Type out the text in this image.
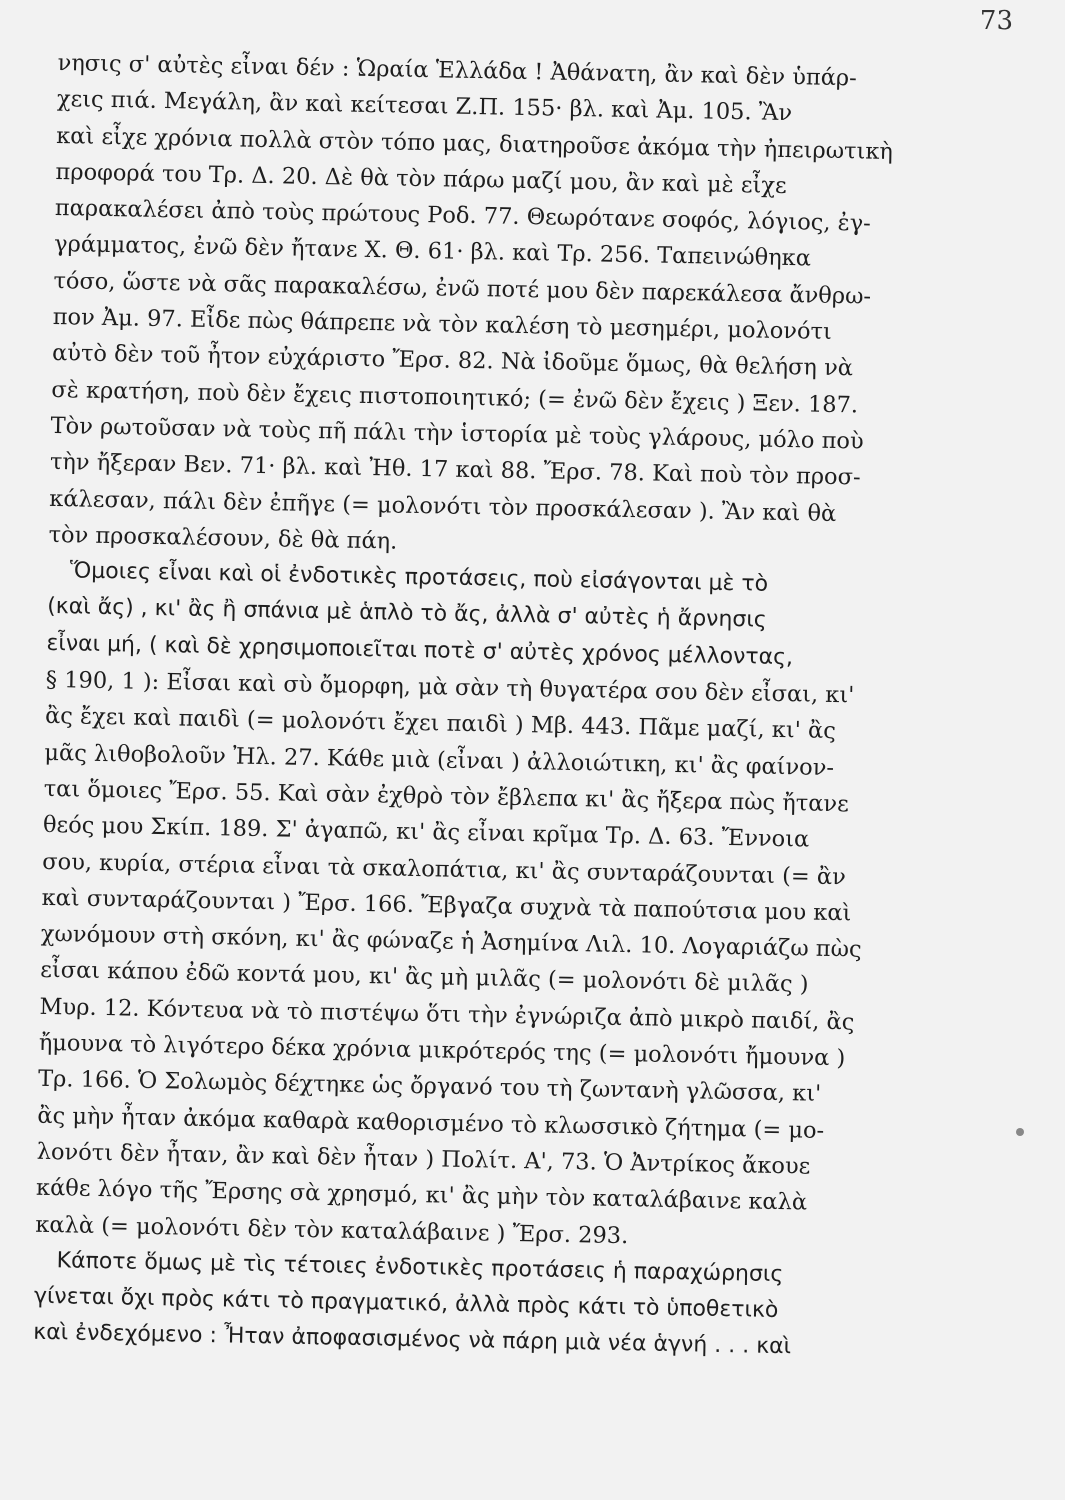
73
νησις σ' αὐτὲς εἶναι δέν : Ὡραία Ἑλλάδα ! Ἀθάνατη, ἂν καὶ δὲν ὑπάρ-
χεις πιά. Μεγάλη, ἂν καὶ κείτεσαι Ζ.Π. 155· βλ. καὶ Ἀμ. 105. Ἂν
καὶ εἶχε χρόνια πολλὰ στὸν τόπο μας, διατηροῦσε ἀκόμα τὴν ἠπειρωτικὴ
προφορά του Τρ. Δ. 20. Δὲ θὰ τὸν πάρω μαζί μου, ἂν καὶ μὲ εἶχε
παρακαλέσει ἀπὸ τοὺς πρώτους Ροδ. 77. Θεωρότανε σοφός, λόγιος, ἐγ-
γράμματος, ἐνῶ δὲν ἤτανε Χ. Θ. 61· βλ. καὶ Τρ. 256. Ταπεινώθηκα
τόσο, ὥστε νὰ σᾶς παρακαλέσω, ἐνῶ ποτέ μου δὲν παρεκάλεσα ἄνθρω-
πον Ἀμ. 97. Εἶδε πὼς θάπρεπε νὰ τὸν καλέση τὸ μεσημέρι, μολονότι
αὐτὸ δὲν τοῦ ἦτον εὐχάριστο Ἔρσ. 82. Νὰ ἰδοῦμε ὅμως, θὰ θελήση νὰ
σὲ κρατήση, ποὺ δὲν ἔχεις πιστοποιητικό; (= ἐνῶ δὲν ἔχεις ) Ξεν. 187.
Τὸν ρωτοῦσαν νὰ τοὺς πῆ πάλι τὴν ἱστορία μὲ τοὺς γλάρους, μόλο ποὺ
τὴν ἤξεραν Βεν. 71· βλ. καὶ Ἠθ. 17 καὶ 88. Ἔρσ. 78. Καὶ ποὺ τὸν προσ-
κάλεσαν, πάλι δὲν ἐπῆγε (= μολονότι τὸν προσκάλεσαν ). Ἂν καὶ θὰ
τὸν προσκαλέσουν, δὲ θὰ πάη.
Ὅμοιες εἶναι καὶ οἱ ἐνδοτικὲς προτάσεις, ποὺ εἰσάγονται μὲ τὸ
(καὶ ἄς) , κι' ἂς ἢ σπάνια μὲ ἁπλὸ τὸ ἄς, ἀλλὰ σ' αὐτὲς ἡ ἄρνησις
εἶναι μή, ( καὶ δὲ χρησιμοποιεῖται ποτὲ σ' αὐτὲς χρόνος μέλλοντας,
§ 190, 1 ): Εἶσαι καὶ σὺ ὄμορφη, μὰ σὰν τὴ θυγατέρα σου δὲν εἶσαι, κι'
ἂς ἔχει καὶ παιδὶ (= μολονότι ἔχει παιδὶ ) Μβ. 443. Πᾶμε μαζί, κι' ἂς
μᾶς λιθοβολοῦν Ἠλ. 27. Κάθε μιὰ (εἶναι ) ἀλλοιώτικη, κι' ἂς φαίνον-
ται ὅμοιες Ἔρσ. 55. Καὶ σὰν ἐχθρὸ τὸν ἔβλεπα κι' ἂς ἤξερα πὼς ἤτανε
θεός μου Σκίπ. 189. Σ' ἀγαπῶ, κι' ἂς εἶναι κρῖμα Τρ. Δ. 63. Ἔννοια
σου, κυρία, στέρια εἶναι τὰ σκαλοπάτια, κι' ἂς συνταράζουνται (= ἂν
καὶ συνταράζουνται ) Ἔρσ. 166. Ἔβγαζα συχνὰ τὰ παπούτσια μου καὶ
χωνόμουν στὴ σκόνη, κι' ἂς φώναζε ἡ Ἀσημίνα Λιλ. 10. Λογαριάζω πὼς
εἶσαι κάπου ἐδῶ κοντά μου, κι' ἂς μὴ μιλᾶς (= μολονότι δὲ μιλᾶς )
Μυρ. 12. Κόντευα νὰ τὸ πιστέψω ὅτι τὴν ἐγνώριζα ἀπὸ μικρὸ παιδί, ἂς
ἤμουνα τὸ λιγότερο δέκα χρόνια μικρότερός της (= μολονότι ἤμουνα )
Τρ. 166. Ὁ Σολωμὸς δέχτηκε ὡς ὄργανό του τὴ ζωντανὴ γλῶσσα, κι'
ἂς μὴν ἦταν ἀκόμα καθαρὰ καθορισμένο τὸ κλωσσικὸ ζήτημα (= μο-
λονότι δὲν ἦταν, ἂν καὶ δὲν ἦταν ) Πολίτ. Α', 73. Ὁ Ἀντρίκος ἄκουε
κάθε λόγο τῆς Ἔρσης σὰ χρησμό, κι' ἂς μὴν τὸν καταλάβαινε καλὰ
καλὰ (= μολονότι δὲν τὸν καταλάβαινε ) Ἔρσ. 293.
Κάποτε ὅμως μὲ τὶς τέτοιες ἐνδοτικὲς προτάσεις ἡ παραχώρησις
γίνεται ὄχι πρὸς κάτι τὸ πραγματικό, ἀλλὰ πρὸς κάτι τὸ ὑποθετικὸ
καὶ ἐνδεχόμενο : Ἦταν ἀποφασισμένος νὰ πάρη μιὰ νέα ἁγνή . . . καὶ
